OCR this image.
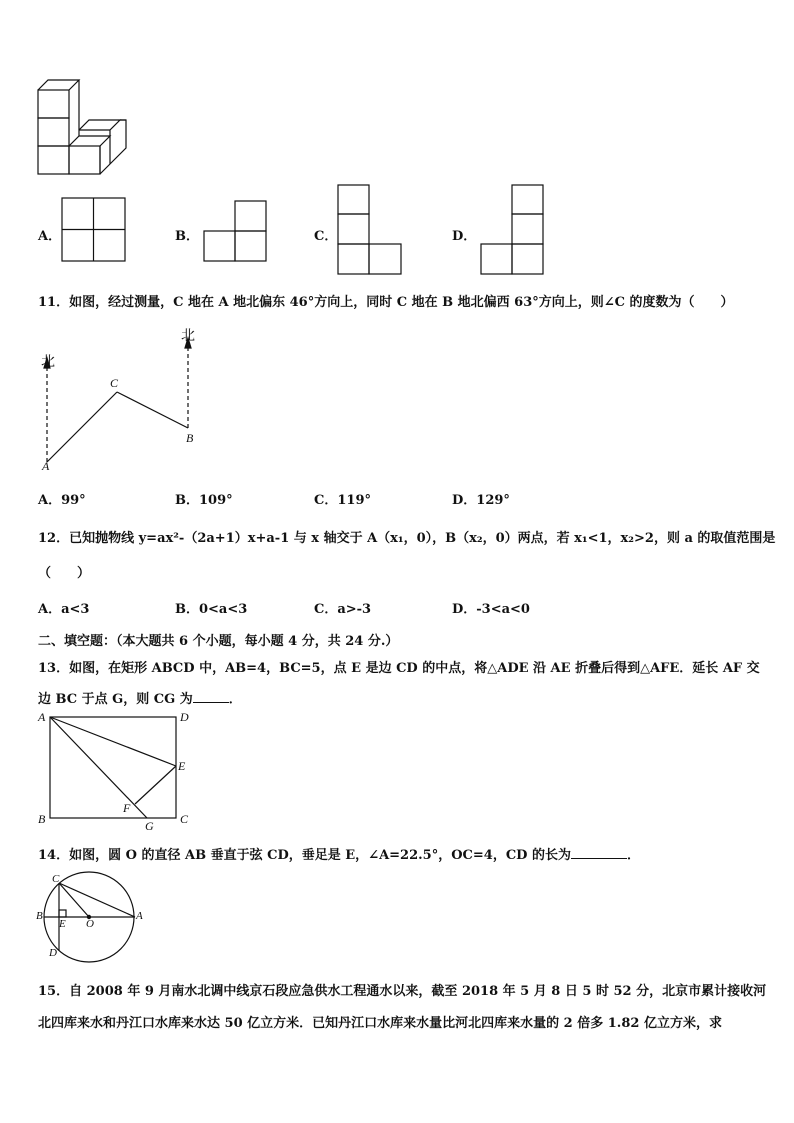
A．	B．	C．	D．
11．如图，经过测量，C 地在 A 地北偏东 46°方向上，同时 C 地在 B 地北偏西 63°方向上，则∠C 的度数为（　　）
北
北
A
B
C
A．99°	B．109°	C．119°	D．129°
12．已知抛物线 y=ax²-（2a+1）x+a-1 与 x 轴交于 A（x₁，0），B（x₂，0）两点，若 x₁<1，x₂>2，则 a 的取值范围是
（　　）
A．a<3	B．0<a<3	C．a>-3	D．-3<a<0
二、填空题：（本大题共 6 个小题，每小题 4 分，共 24 分.）
13．如图，在矩形 ABCD 中，AB=4，BC=5，点 E 是边 CD 的中点，将△ADE 沿 AE 折叠后得到△AFE．延长 AF 交
边 BC 于点 G，则 CG 为	．
A	D
E
F
B	G C
14．如图，圆 O 的直径 AB 垂直于弦 CD，垂足是 E，∠A=22.5°，OC=4，CD 的长为	．
C
B
E O
A
D
15．自 2008 年 9 月南水北调中线京石段应急供水工程通水以来，截至 2018 年 5 月 8 日 5 时 52 分，北京市累计接收河
北四库来水和丹江口水库来水达 50 亿立方米．已知丹江口水库来水量比河北四库来水量的 2 倍多 1.82 亿立方米，求
